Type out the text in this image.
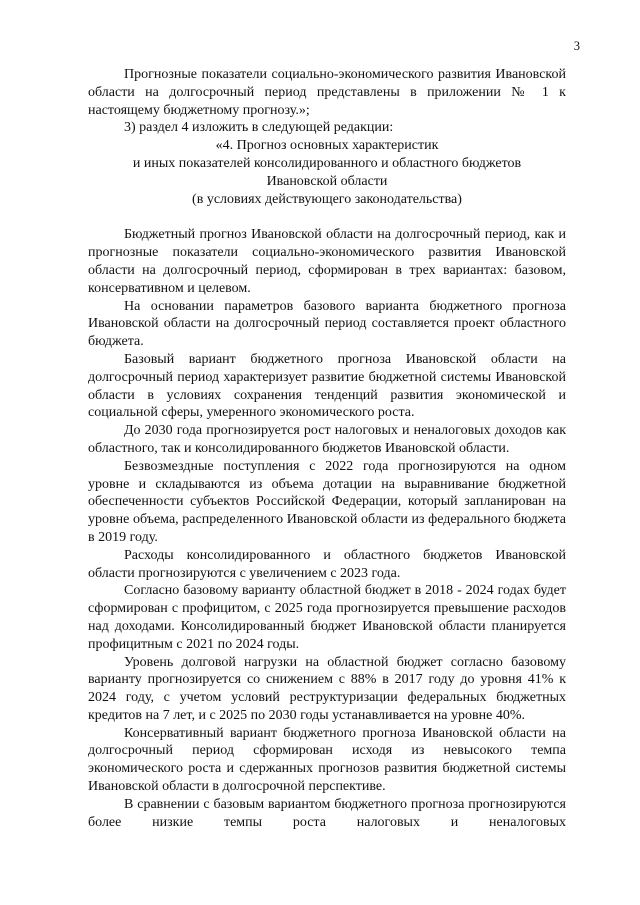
3

Прогнозные показатели социально-экономического развития Ивановской области на долгосрочный период представлены в приложении № 1 к настоящему бюджетному прогнозу.»;

3) раздел 4 изложить в следующей редакции:

«4. Прогноз основных характеристик

и иных показателей консолидированного и областного бюджетов

Ивановской области

(в условиях действующего законодательства)

Бюджетный прогноз Ивановской области на долгосрочный период, как и прогнозные показатели социально-экономического развития Ивановской области на долгосрочный период, сформирован в трех вариантах: базовом, консервативном и целевом.

На основании параметров базового варианта бюджетного прогноза Ивановской области на долгосрочный период составляется проект областного бюджета.

Базовый вариант бюджетного прогноза Ивановской области на долгосрочный период характеризует развитие бюджетной системы Ивановской области в условиях сохранения тенденций развития экономической и социальной сферы, умеренного экономического роста.

До 2030 года прогнозируется рост налоговых и неналоговых доходов как областного, так и консолидированного бюджетов Ивановской области.

Безвозмездные поступления с 2022 года прогнозируются на одном уровне и складываются из объема дотации на выравнивание бюджетной обеспеченности субъектов Российской Федерации, который запланирован на уровне объема, распределенного Ивановской области из федерального бюджета в 2019 году.

Расходы консолидированного и областного бюджетов Ивановской области прогнозируются с увеличением с 2023 года.

Согласно базовому варианту областной бюджет в 2018 - 2024 годах будет сформирован с профицитом, с 2025 года прогнозируется превышение расходов над доходами. Консолидированный бюджет Ивановской области планируется профицитным с 2021 по 2024 годы.

Уровень долговой нагрузки на областной бюджет согласно базовому варианту прогнозируется со снижением с 88% в 2017 году до уровня 41% к 2024 году, с учетом условий реструктуризации федеральных бюджетных кредитов на 7 лет, и с 2025 по 2030 годы устанавливается на уровне 40%.

Консервативный вариант бюджетного прогноза Ивановской области на долгосрочный период сформирован исходя из невысокого темпа экономического роста и сдержанных прогнозов развития бюджетной системы Ивановской области в долгосрочной перспективе.

В сравнении с базовым вариантом бюджетного прогноза прогнозируются более низкие темпы роста налоговых и неналоговых
